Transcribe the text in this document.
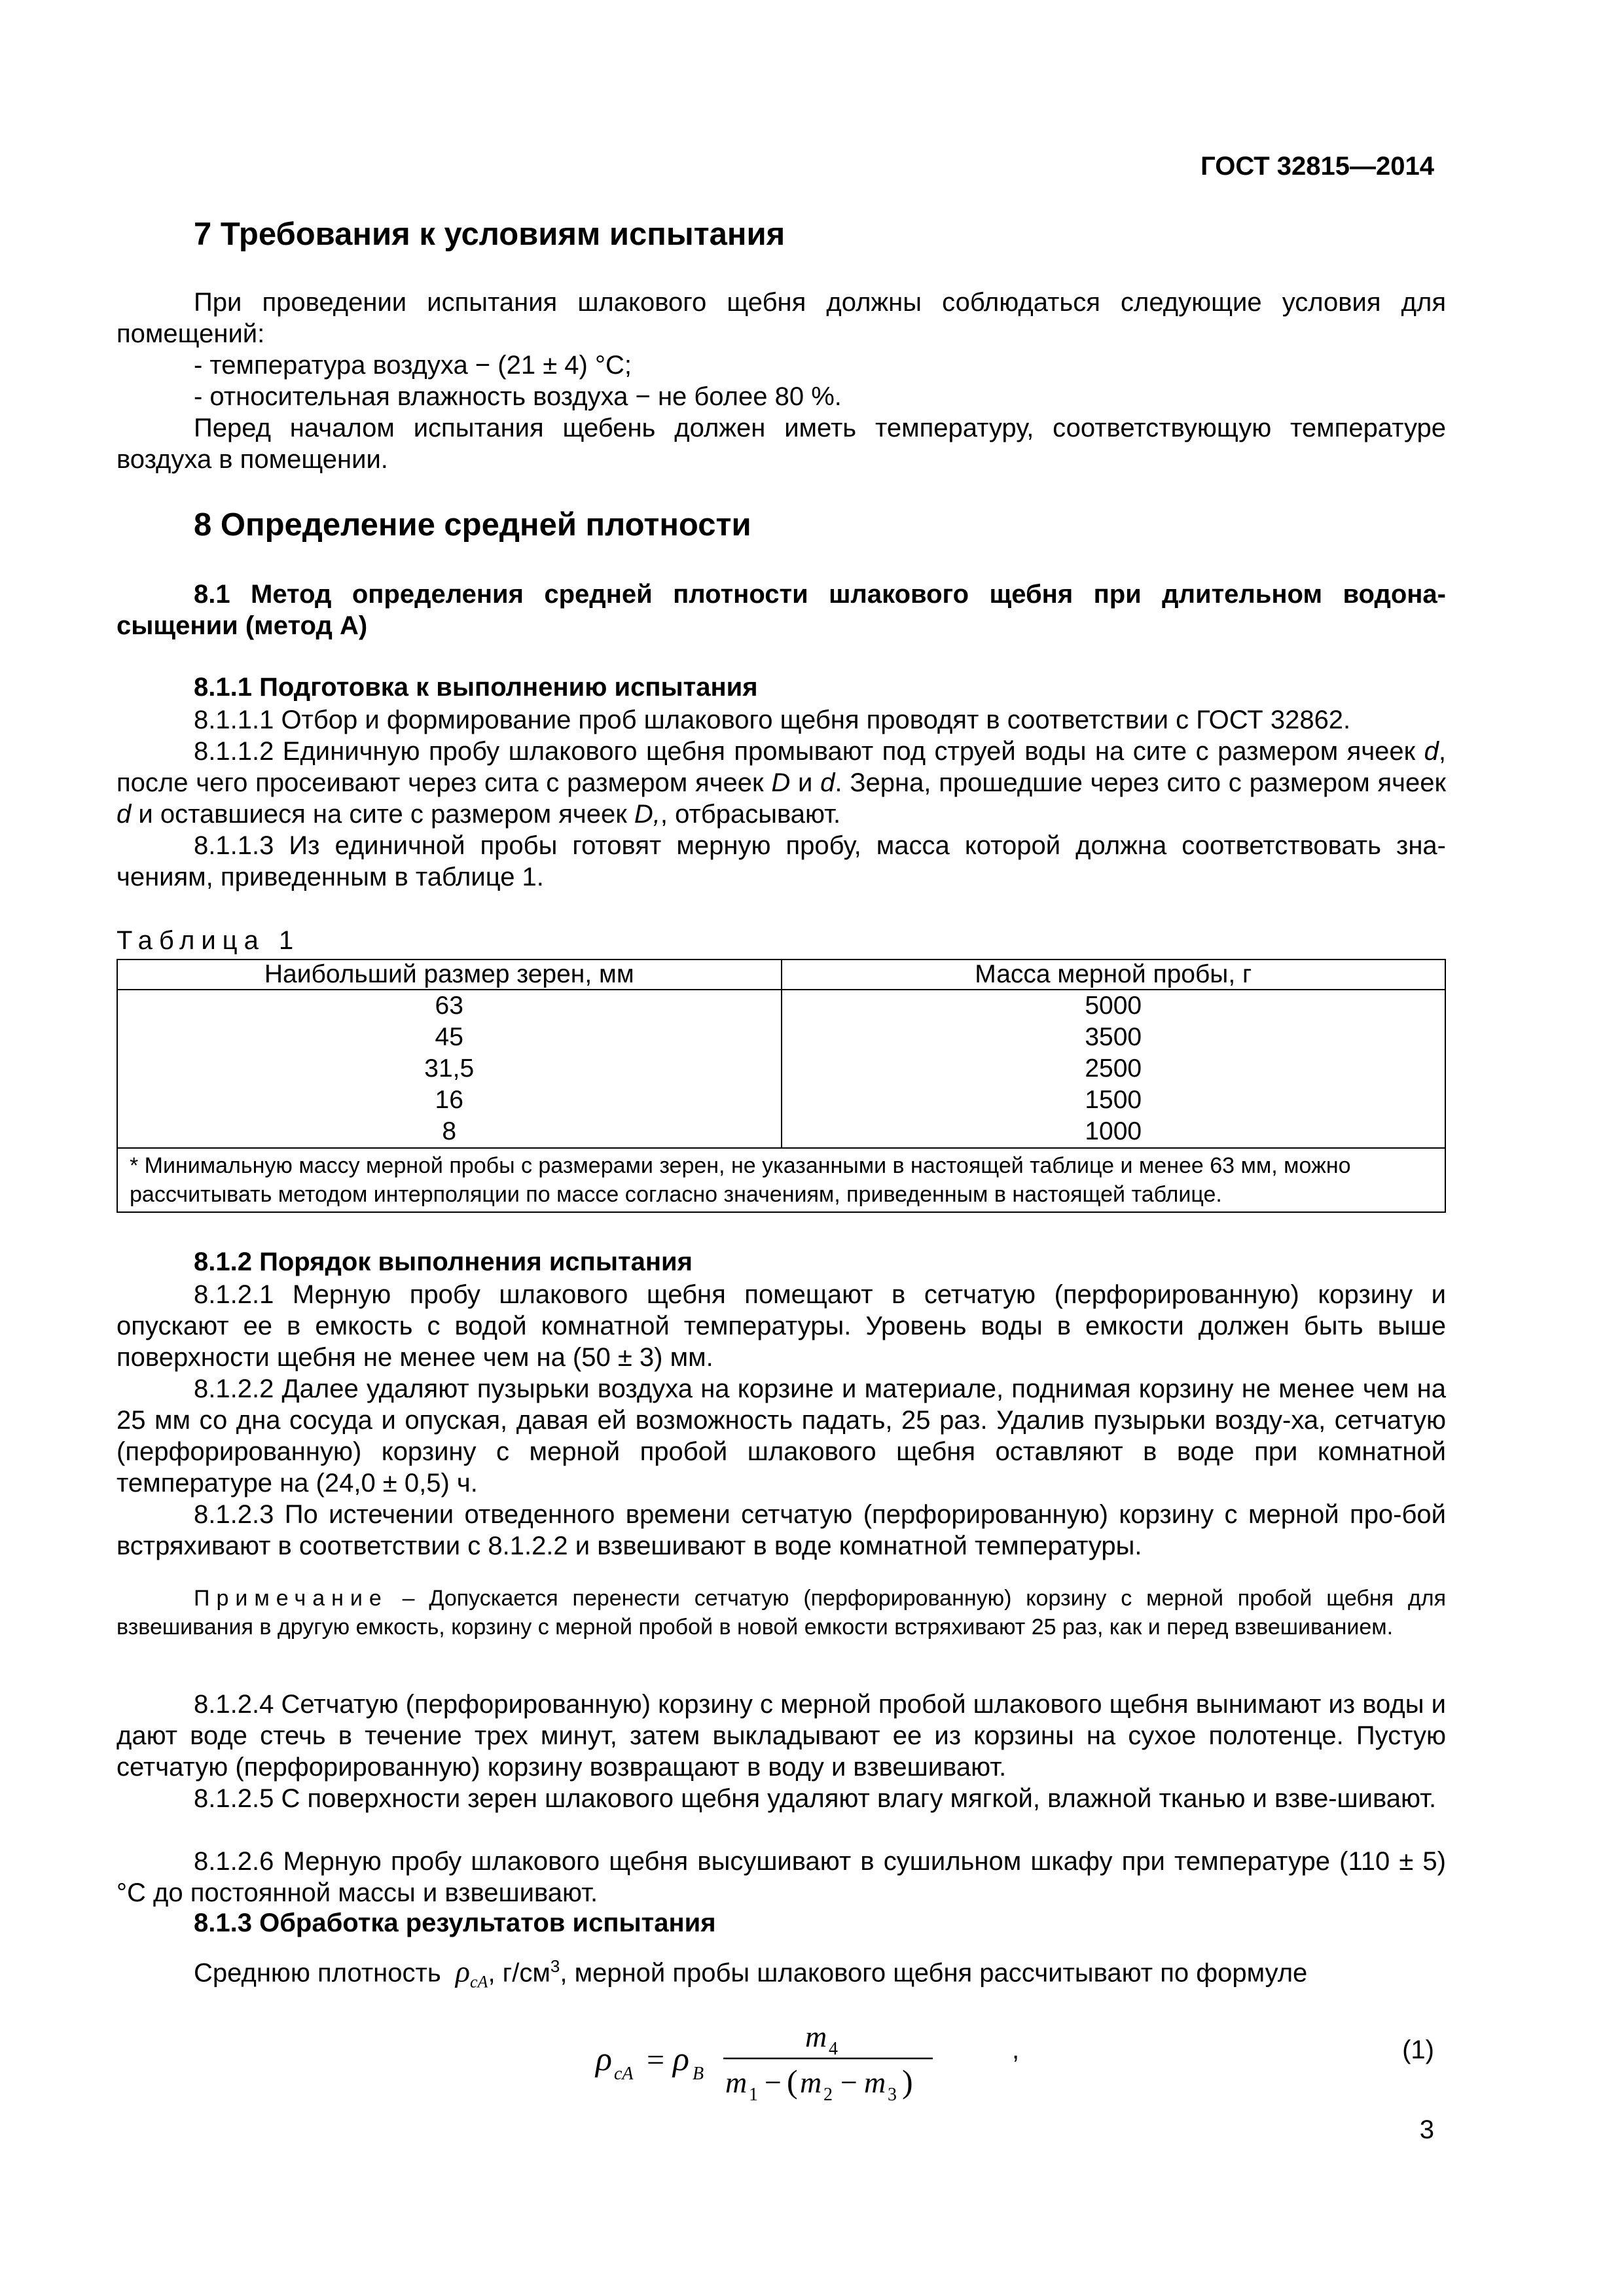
ГОСТ 32815—2014
7 Требования к условиям испытания
При проведении испытания шлакового щебня должны соблюдаться следующие условия для помещений:
- температура воздуха − (21 ± 4) °С;
- относительная влажность воздуха − не более 80 %.
Перед началом испытания щебень должен иметь температуру, соответствующую температуре воздуха в помещении.
8 Определение средней плотности
8.1 Метод определения средней плотности шлакового щебня при длительном водона-сыщении (метод А)
8.1.1 Подготовка к выполнению испытания
8.1.1.1 Отбор и формирование проб шлакового щебня проводят в соответствии с ГОСТ 32862.
8.1.1.2 Единичную пробу шлакового щебня промывают под струей воды на сите с размером ячеек d, после чего просеивают через сита с размером ячеек D и d. Зерна, прошедшие через сито с размером ячеек d и оставшиеся на сите с размером ячеек D,, отбрасывают.
8.1.1.3 Из единичной пробы готовят мерную пробу, масса которой должна соответствовать зна-чениям, приведенным в таблице 1.
Таблица 1
Наибольший размер зерен, мм	Масса мерной пробы, г
63	5000
45	3500
31,5	2500
16	1500
8	1000
* Минимальную массу мерной пробы с размерами зерен, не указанными в настоящей таблице и менее 63 мм, можно рассчитывать методом интерполяции по массе согласно значениям, приведенным в настоящей таблице.	
8.1.2 Порядок выполнения испытания
8.1.2.1 Мерную пробу шлакового щебня помещают в сетчатую (перфорированную) корзину и опускают ее в емкость с водой комнатной температуры. Уровень воды в емкости должен быть выше поверхности щебня не менее чем на (50 ± 3) мм.
8.1.2.2 Далее удаляют пузырьки воздуха на корзине и материале, поднимая корзину не менее чем на 25 мм со дна сосуда и опуская, давая ей возможность падать, 25 раз. Удалив пузырьки возду-ха, сетчатую (перфорированную) корзину с мерной пробой шлакового щебня оставляют в воде при комнатной температуре на (24,0 ± 0,5) ч.
8.1.2.3 По истечении отведенного времени сетчатую (перфорированную) корзину с мерной про-бой встряхивают в соответствии с 8.1.2.2 и взвешивают в воде комнатной температуры.
Примечание – Допускается перенести сетчатую (перфорированную) корзину с мерной пробой щебня для взвешивания в другую емкость, корзину с мерной пробой в новой емкости встряхивают 25 раз, как и перед взвешиванием.
8.1.2.4 Сетчатую (перфорированную) корзину с мерной пробой шлакового щебня вынимают из воды и дают воде стечь в течение трех минут, затем выкладывают ее из корзины на сухое полотенце. Пустую сетчатую (перфорированную) корзину возвращают в воду и взвешивают.
8.1.2.5 С поверхности зерен шлакового щебня удаляют влагу мягкой, влажной тканью и взве-шивают.
8.1.2.6 Мерную пробу шлакового щебня высушивают в сушильном шкафу при температуре (110 ± 5) °С до постоянной массы и взвешивают.
8.1.3 Обработка результатов испытания
Среднюю плотность $\rho_{cA}$, $г/см^3$, мерной пробы шлакового щебня рассчитывают по формуле
ρ cA = ρ B
m 4
m 1 − ( m 2 − m 3 )
,	(1)
3
